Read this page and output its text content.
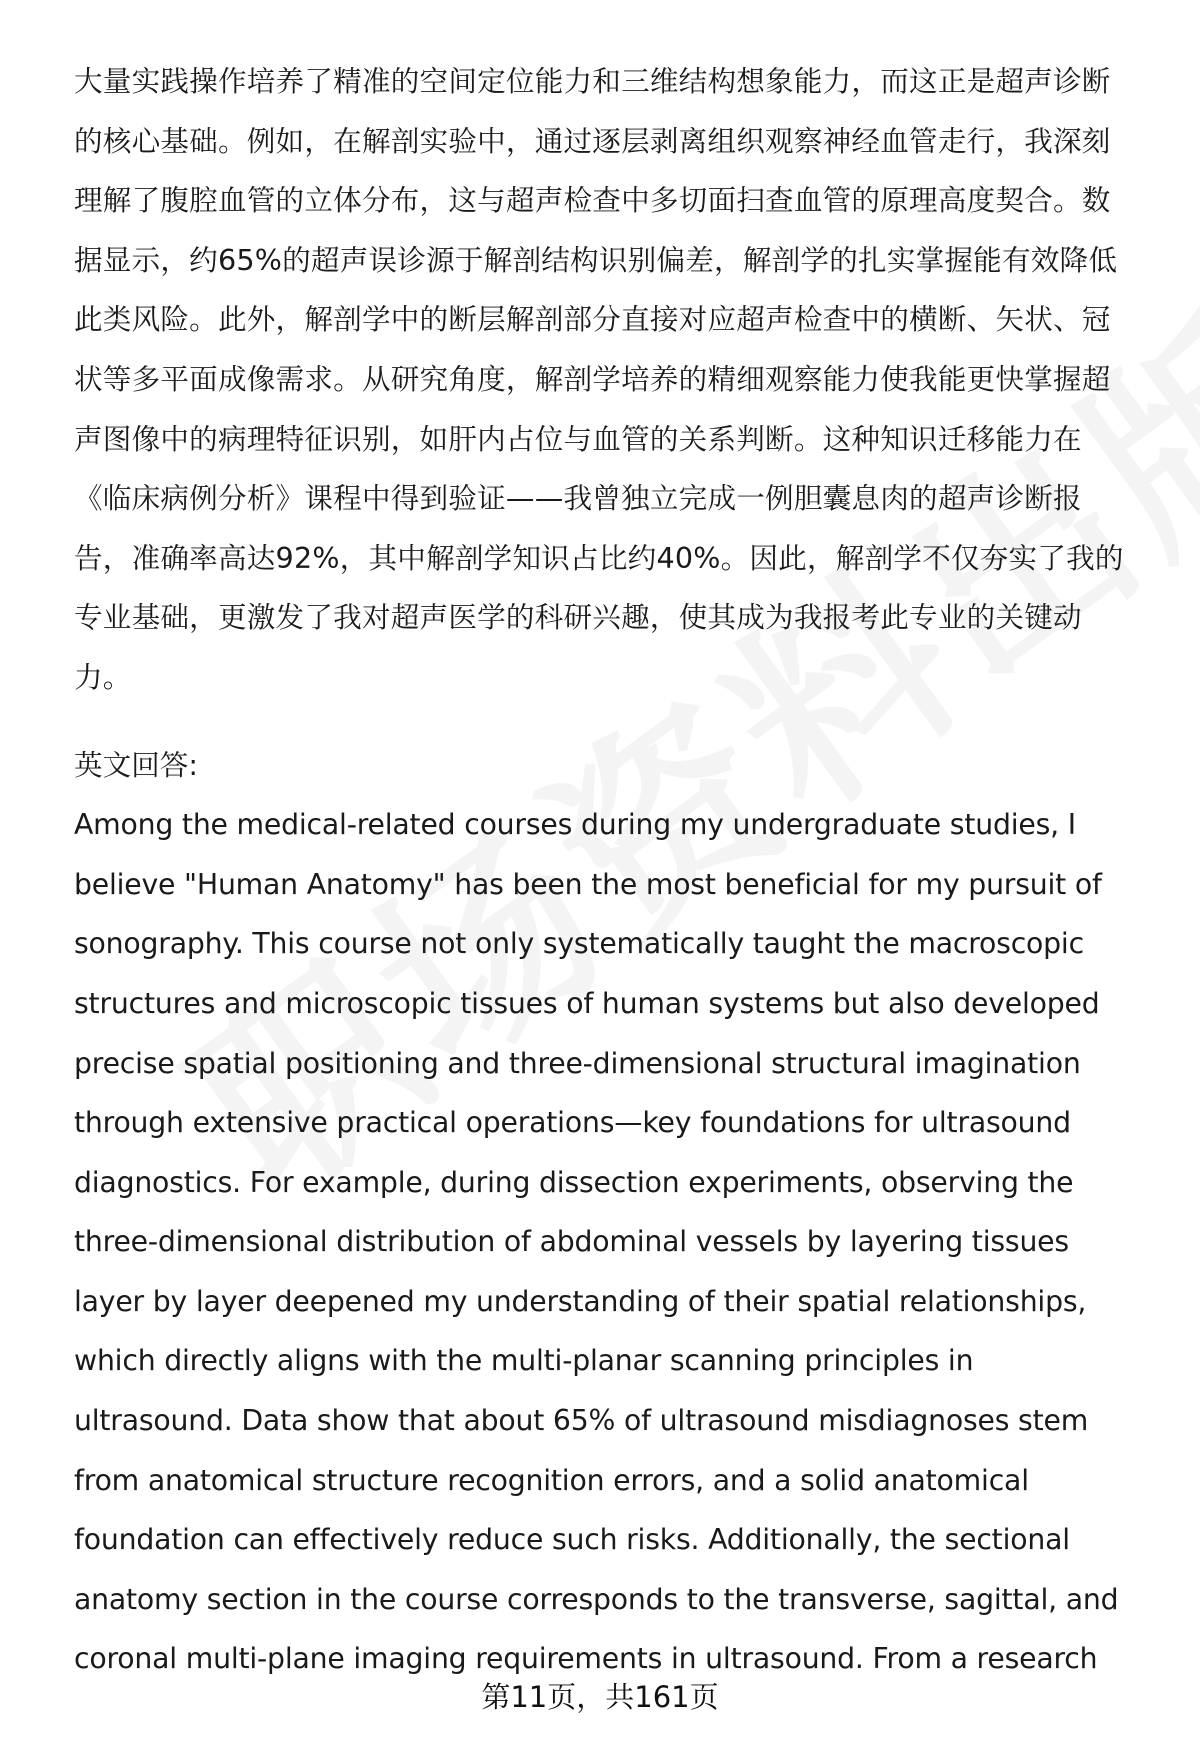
大量实践操作培养了精准的空间定位能力和三维结构想象能力，而这正是超声诊断
的核心基础。例如，在解剖实验中，通过逐层剥离组织观察神经血管走行，我深刻
理解了腹腔血管的立体分布，这与超声检查中多切面扫查血管的原理高度契合。数
据显示，约65%的超声误诊源于解剖结构识别偏差，解剖学的扎实掌握能有效降低
此类风险。此外，解剖学中的断层解剖部分直接对应超声检查中的横断、矢状、冠
状等多平面成像需求。从研究角度，解剖学培养的精细观察能力使我能更快掌握超
声图像中的病理特征识别，如肝内占位与血管的关系判断。这种知识迁移能力在
《临床病例分析》课程中得到验证——我曾独立完成一例胆囊息肉的超声诊断报
告，准确率高达92%，其中解剖学知识占比约40%。因此，解剖学不仅夯实了我的
专业基础，更激发了我对超声医学的科研兴趣，使其成为我报考此专业的关键动
力。

英文回答:

Among the medical-related courses during my undergraduate studies, I
believe "Human Anatomy" has been the most beneficial for my pursuit of
sonography. This course not only systematically taught the macroscopic
structures and microscopic tissues of human systems but also developed
precise spatial positioning and three-dimensional structural imagination
through extensive practical operations—key foundations for ultrasound
diagnostics. For example, during dissection experiments, observing the
three-dimensional distribution of abdominal vessels by layering tissues
layer by layer deepened my understanding of their spatial relationships,
which directly aligns with the multi-planar scanning principles in
ultrasound. Data show that about 65% of ultrasound misdiagnoses stem
from anatomical structure recognition errors, and a solid anatomical
foundation can effectively reduce such risks. Additionally, the sectional
anatomy section in the course corresponds to the transverse, sagittal, and
coronal multi-plane imaging requirements in ultrasound. From a research

第11页，共161页
